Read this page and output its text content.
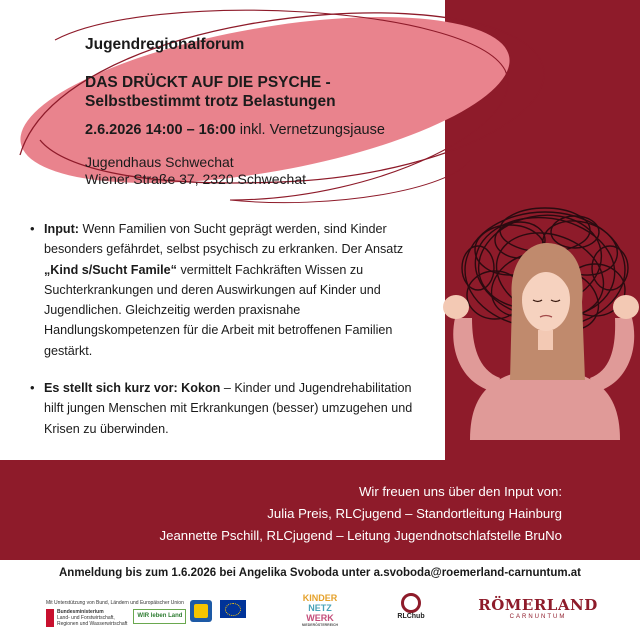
Jugendregionalforum
DAS DRÜCKT AUF DIE PSYCHE -
Selbstbestimmt trotz Belastungen
2.6.2026 14:00 – 16:00 inkl. Vernetzungsjause
Jugendhaus Schwechat
Wiener Straße 37, 2320 Schwechat
• Input: Wenn Familien von Sucht geprägt werden, sind Kinder besonders gefährdet, selbst psychisch zu erkranken. Der Ansatz „Kind s/Sucht Famile“ vermittelt Fachkräften Wissen zu Suchterkrankungen und deren Auswirkungen auf Kinder und Jugendlichen. Gleichzeitig werden praxisnahe Handlungskompetenzen für die Arbeit mit betroffenen Familien gestärkt.
• Es stellt sich kurz vor: Kokon – Kinder und Jugendrehabilitation hilft jungen Menschen mit Erkrankungen (besser) umzugehen und Krisen zu überwinden.
Wir freuen uns über den Input von:
Julia Preis, RLCjugend – Standortleitung Hainburg
Jeannette Pschill, RLCjugend – Leitung Jugendnotschlafstelle BruNo
Anmeldung bis zum 1.6.2026 bei Angelika Svoboda unter a.svoboda@roemerland-carnuntum.at
Mit Unterstützung von Bund, Ländern und Europäischer Union
Bundesministerium
Land- und Forstwirtschaft,
Regionen und Wasserwirtschaft
WIR leben Land
KINDER
NETZ
WERK
NIEDERÖSTERREICH
RLChub
RÖMERLAND
CARNUNTUM
